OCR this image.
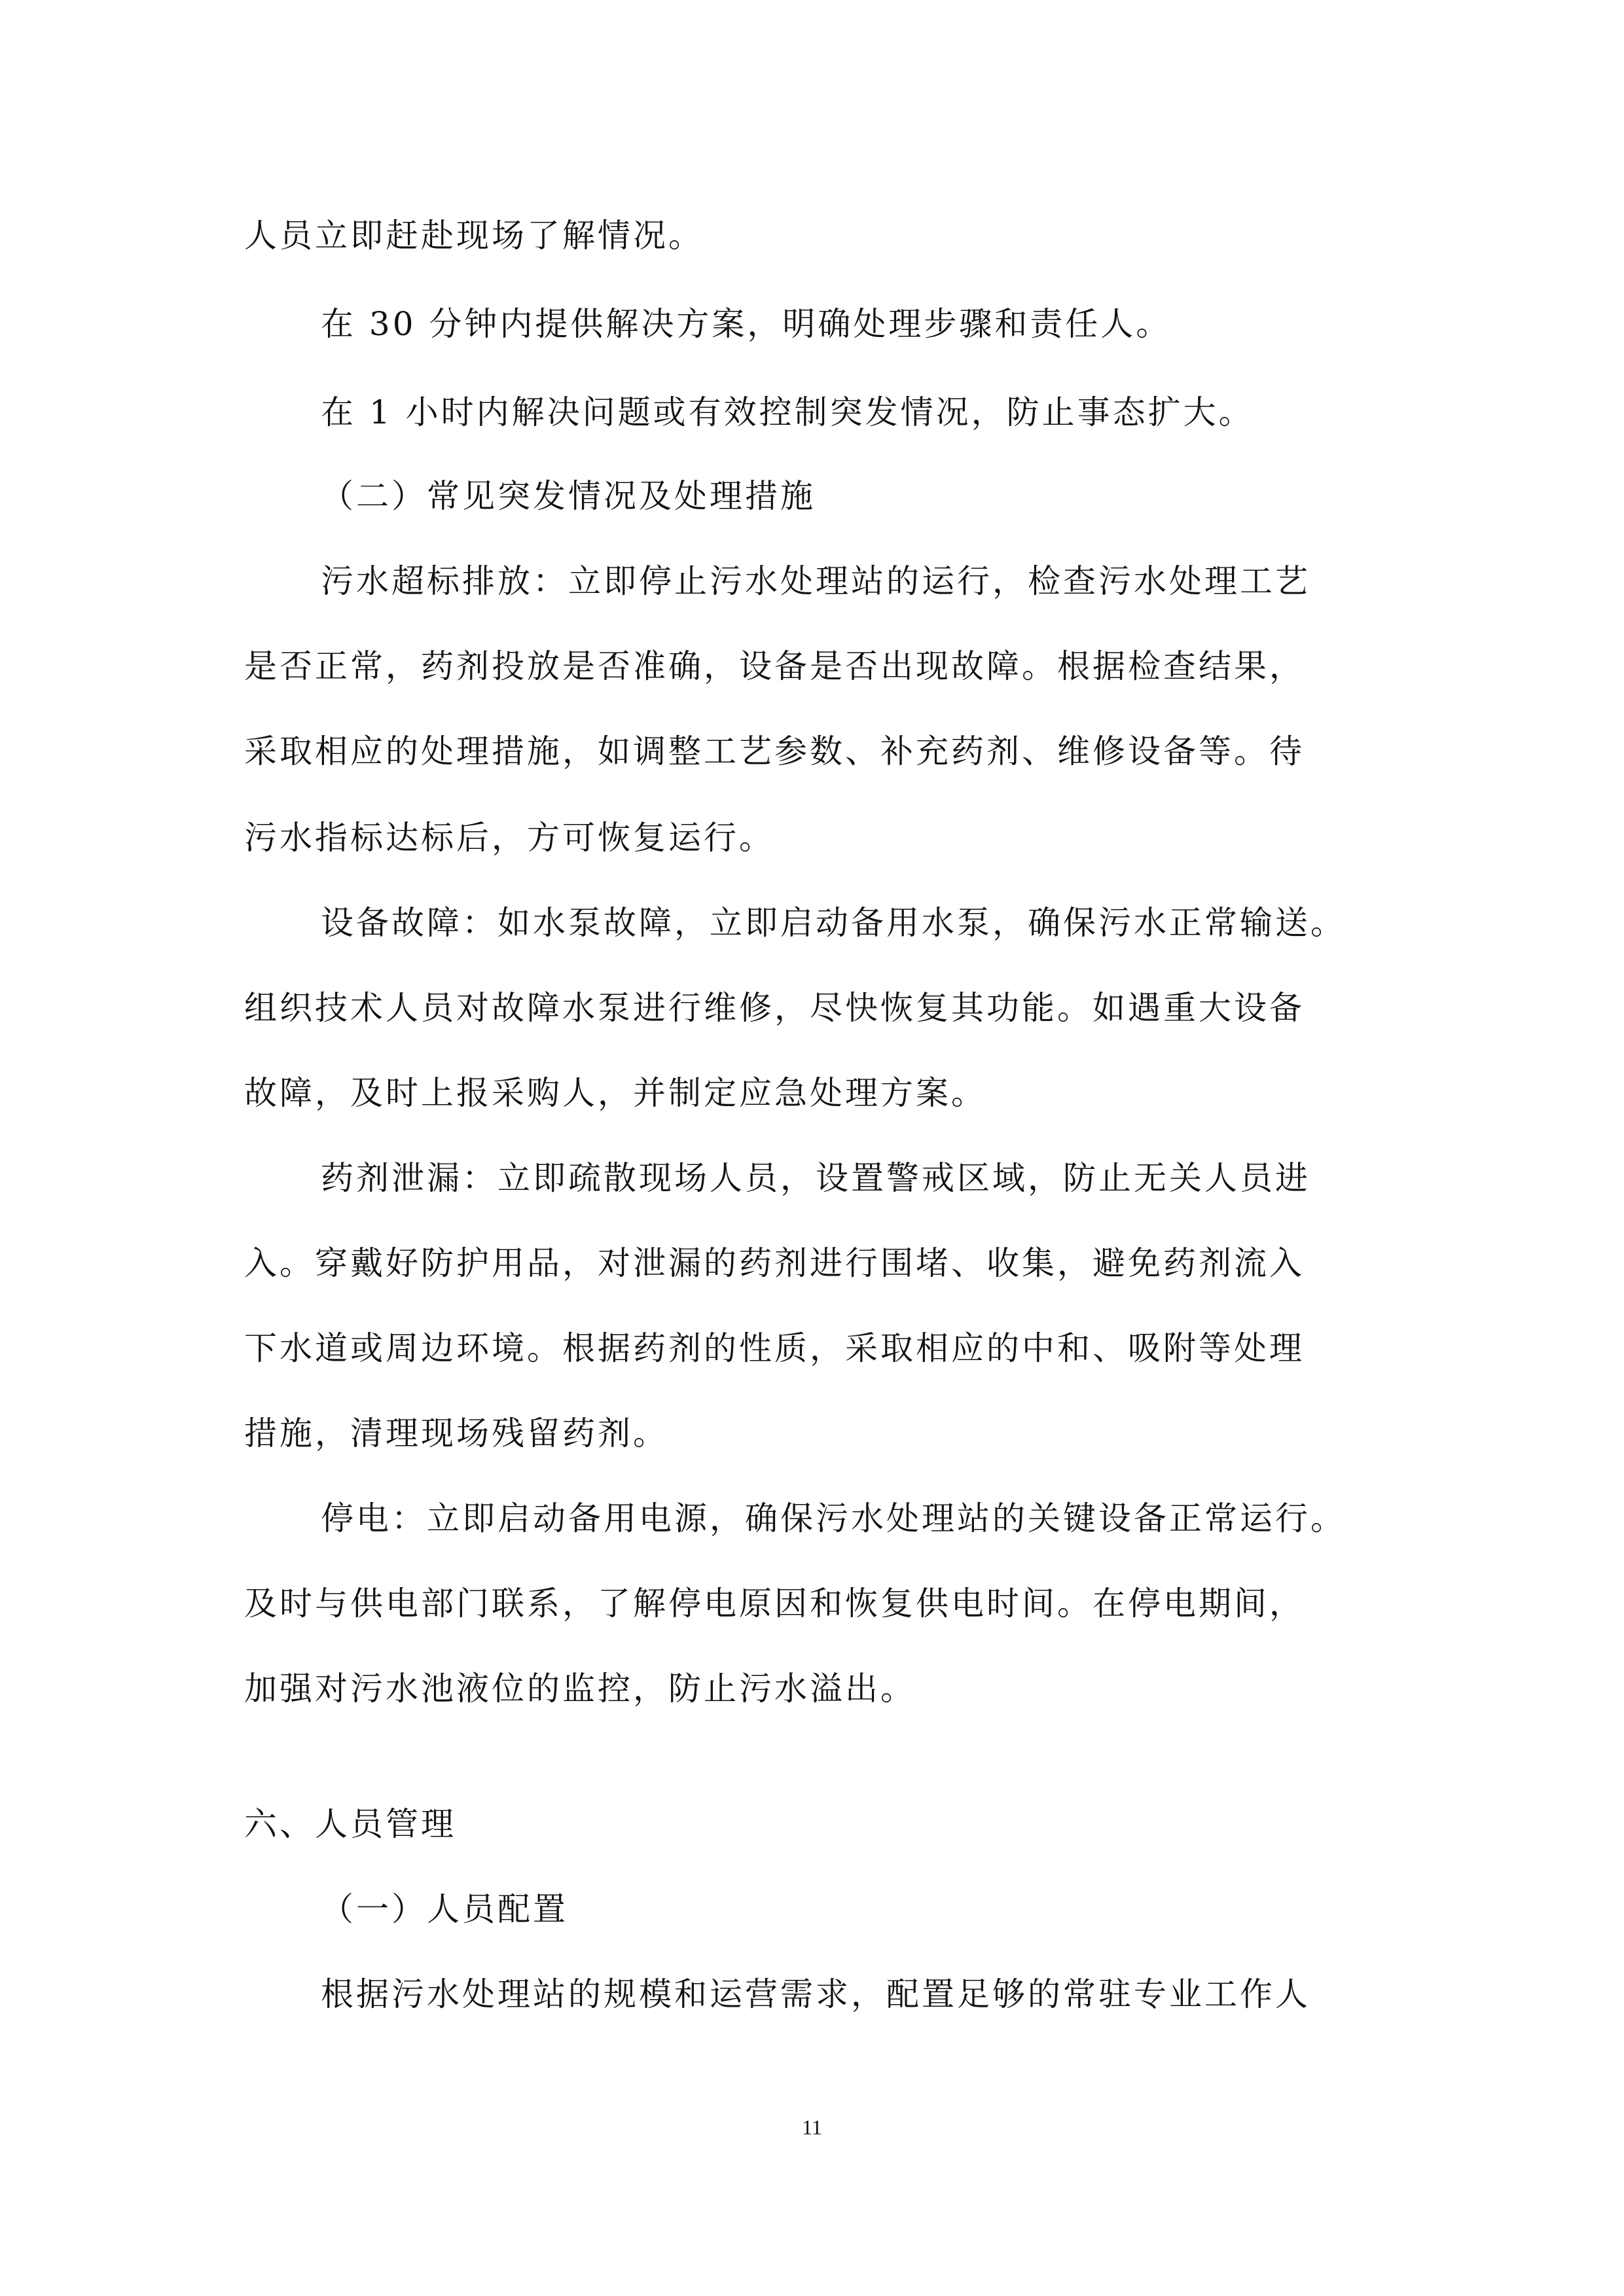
人员立即赶赴现场了解情况。
在 30 分钟内提供解决方案，明确处理步骤和责任人。
在 1 小时内解决问题或有效控制突发情况，防止事态扩大。
（二）常见突发情况及处理措施
污水超标排放：立即停止污水处理站的运行，检查污水处理工艺
是否正常，药剂投放是否准确，设备是否出现故障。根据检查结果，
采取相应的处理措施，如调整工艺参数、补充药剂、维修设备等。待
污水指标达标后，方可恢复运行。
设备故障：如水泵故障，立即启动备用水泵，确保污水正常输送。
组织技术人员对故障水泵进行维修，尽快恢复其功能。如遇重大设备
故障，及时上报采购人，并制定应急处理方案。
药剂泄漏：立即疏散现场人员，设置警戒区域，防止无关人员进
入。穿戴好防护用品，对泄漏的药剂进行围堵、收集，避免药剂流入
下水道或周边环境。根据药剂的性质，采取相应的中和、吸附等处理
措施，清理现场残留药剂。
停电：立即启动备用电源，确保污水处理站的关键设备正常运行。
及时与供电部门联系，了解停电原因和恢复供电时间。在停电期间，
加强对污水池液位的监控，防止污水溢出。
六、人员管理
（一）人员配置
根据污水处理站的规模和运营需求，配置足够的常驻专业工作人
11
